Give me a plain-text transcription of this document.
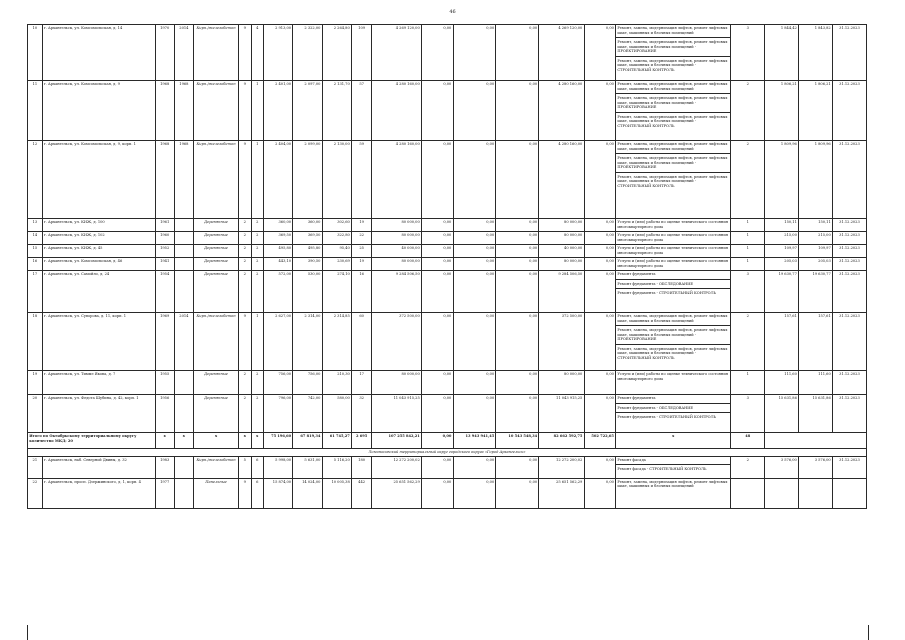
46
10	г. Архангельск, ул. Комсомольская, д. 14	1970	2014	Кирп./железобетон	9	4	2 913,00	2 322,00	2 264,80	109	4 269 120,00	0,00	0,00	0,00	4 269 120,00	0,00	Ремонт, замена, модернизация лифтов, ремонт лифтовых шахт, машинных и блочных помещений
Ремонт, замена, модернизация лифтов, ремонт лифтовых шахт, машинных и блочных помещений - ПРОЕКТИРОВАНИЕ
Ремонт, замена, модернизация лифтов, ремонт лифтовых шахт, машинных и блочных помещений - СТРОИТЕЛЬНЫЙ КОНТРОЛЬ	3	1 844,42	1 843,82	31.12.2023
11	г. Архангельск, ул. Комсомольская, д. 9	1968	1968	Кирп./железобетон	9	1	2 401,00	2 097,00	2 131,70	57	4 280 160,00	0,00	0,00	0,00	4 280 160,00	0,00	Ремонт, замена, модернизация лифтов, ремонт лифтовых шахт, машинных и блочных помещений
Ремонт, замена, модернизация лифтов, ремонт лифтовых шахт, машинных и блочных помещений - ПРОЕКТИРОВАНИЕ
Ремонт, замена, модернизация лифтов, ремонт лифтовых шахт, машинных и блочных помещений - СТРОИТЕЛЬНЫЙ КОНТРОЛЬ	2	1 806,21	1 806,21	31.12.2023
12	г. Архангельск, ул. Комсомольская, д. 9, корп. 1	1968	1968	Кирп./железобетон	9	1	2 404,00	2 099,00	2 130,00	59	4 280 160,00	0,00	0,00	0,00	4 280 160,00	0,00	Ремонт, замена, модернизация лифтов, ремонт лифтовых шахт, машинных и блочных помещений
Ремонт, замена, модернизация лифтов, ремонт лифтовых шахт, машинных и блочных помещений - ПРОЕКТИРОВАНИЕ
Ремонт, замена, модернизация лифтов, ремонт лифтовых шахт, машинных и блочных помещений - СТРОИТЕЛЬНЫЙ КОНТРОЛЬ	2	1 809,96	1 809,96	31.12.2023
13	г. Архангельск, ул. КИЖ, д. 100	1961		Деревянные	2	2	360,00	360,00	302,60	19	80 000,00	0,00	0,00	0,00	80 000,00	0,00	Услуги и (или) работы по оценке технического состояния многоквартирного дома	1	150,11	150,11	31.12.2023
14	г. Архангельск, ул. КИЖ, д. 102	1960		Деревянные	2	2	369,50	369,50	322,80	22	80 000,00	0,00	0,00	0,00	80 000,00	0,00	Услуги и (или) работы по оценке технического состояния многоквартирного дома	1	215,00	215,00	31.12.2023
15	г. Архангельск, ул. КИЖ, д. 45	1952		Деревянные	2	2	495,80	495,80	95,40	25	40 000,00	0,00	0,00	0,00	40 000,00	0,00	Услуги и (или) работы по оценке технического состояния многоквартирного дома	1	109,97	109,97	31.12.2023
16	г. Архангельск, ул. Комсомольская, д. 46	1941		Деревянные	2	2	443,10	390,50	230,69	19	80 000,00	0,00	0,00	0,00	80 000,00	0,00	Услуги и (или) работы по оценке технического состояния многоквартирного дома	1	205,03	205,03	31.12.2023
17	г. Архангельск, ул. Самойло, д. 24	1954		Деревянные	2	2	572,00	530,00	274,10	16	9 284 506,50	0,00	0,00	0,00	9 284 506,50	0,00	Ремонт фундамента
Ремонт фундамента - ОБСЛЕДОВАНИЕ
Ремонт фундамента - СТРОИТЕЛЬНЫЙ КОНТРОЛЬ	3	19 630,77	19 630,77	31.12.2023
18	г. Архангельск, ул. Суворова, д. 11, корп. 1	1969	2014	Кирп./железобетон	9	1	2 627,00	2 314,00	2 314,85	60	372 500,00	0,00	0,00	0,00	372 500,00	0,00	Ремонт, замена, модернизация лифтов, ремонт лифтовых шахт, машинных и блочных помещений
Ремонт, замена, модернизация лифтов, ремонт лифтовых шахт, машинных и блочных помещений - ПРОЕКТИРОВАНИЕ
Ремонт, замена, модернизация лифтов, ремонт лифтовых шахт, машинных и блочных помещений - СТРОИТЕЛЬНЫЙ КОНТРОЛЬ	2	157,61	157,61	31.12.2023
19	г. Архангельск, ул. Тимме Якова, д. 7	1955		Деревянные	2	2	756,00	756,00	210,30	17	80 000,00	0,00	0,00	0,00	80 000,00	0,00	Услуги и (или) работы по оценке технического состояния многоквартирного дома	1	111,60	111,60	31.12.2023
20	г. Архангельск, ул. Федота Шубина, д. 42, корп. 1	1956		Деревянные	2	2	796,00	742,00	580,00	32	11 043 915,25	0,00	0,00	0,00	11 043 915,25	0,00	Ремонт фундамента
Ремонт фундамента - ОБСЛЕДОВАНИЕ
Ремонт фундамента - СТРОИТЕЛЬНЫЙ КОНТРОЛЬ	3	15 631,86	15 631,86	31.12.2023
Итого по Октябрьскому территориальному округу количество МКД: 20		x	x	x	x	x	75 196,60	67 819,34	61 745,27	2 695	107 255 842,21	0,00	13 943 941,45	10 543 548,34	82 662 592,75	502 722,65	x	48			
Ломоносовский территориальный округ городского округа «Город Архангельск»																					
21	г. Архангельск, наб. Северной Двины, д. 32	1983		Кирп./железобетон	5	6	5 998,00	5 631,00	5 116,20	180	12 272 200,02	0,00	0,00	0,00	12 272 200,02	0,00	Ремонт фасада
Ремонт фасада - СТРОИТЕЛЬНЫЙ КОНТРОЛЬ	2	3 576,00	3 576,00	31.12.2023
22	г. Архангельск, просп. Дзержинского, д. 1, корп. 4	1977		Панельные	9	6	15 874,00	14 024,00	10 005,38	442	25 651 562,29	0,00	0,00	0,00	25 651 562,29	0,00	Ремонт, замена, модернизация лифтов, ремонт лифтовых шахт, машинных и блочных помещений				
